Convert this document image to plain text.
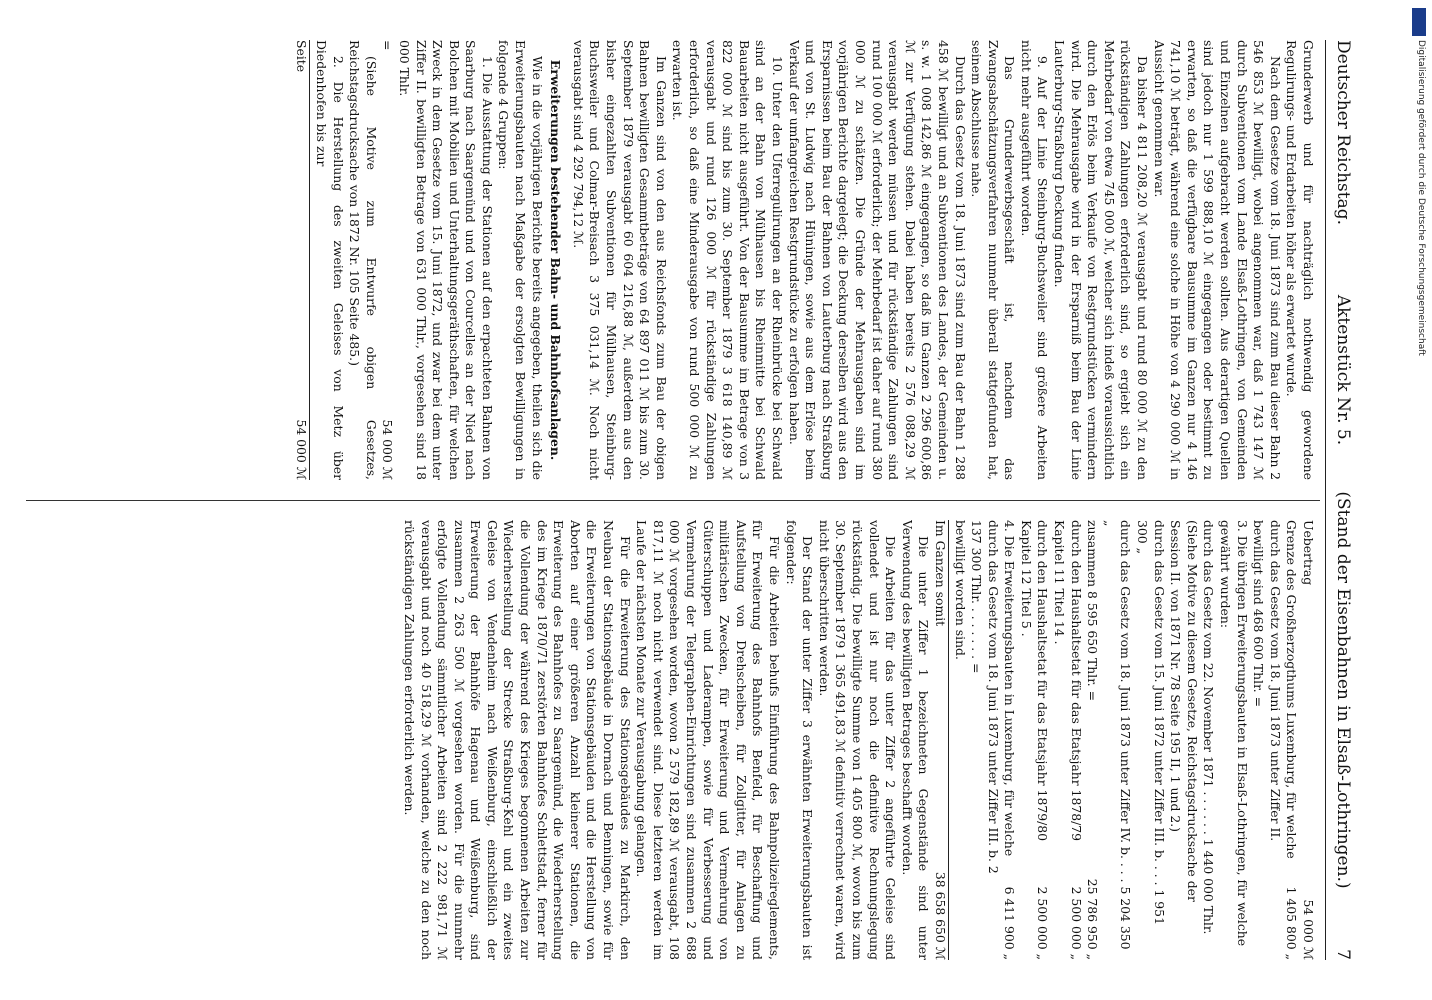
Deutscher Reichstag.
Aktenstück Nr. 5.
(Stand der Eisenbahnen in Elsaß-Lothringen.)
7

Grunderwerb und für nachträglich nothwendig gewordene Regulirungs- und Erdarbeiten höher als erwartet wurde.

Nach dem Gesetze vom 18. Juni 1873 sind zum Bau dieser Bahn 2 546 853 ℳ bewilligt, wobei angenommen war, daß 1 743 147 ℳ durch Subventionen vom Lande Elsaß-Lothringen, von Gemeinden und Einzelnen aufgebracht werden sollten. Aus derartigen Quellen sind jedoch nur 1 599 888,10 ℳ eingegangen oder bestimmt zu erwarten, so daß die verfügbare Bausumme im Ganzen nur 4 146 741,10 ℳ beträgt, während eine solche in Höhe von 4 290 000 ℳ in Aussicht genommen war.

Da bisher 4 811 208,20 ℳ verausgabt und rund 80 000 ℳ zu den rückständigen Zahlungen erforderlich sind, so ergiebt sich ein Mehrbedarf von etwa 745 000 ℳ, welcher sich indeß voraussichtlich durch den Erlös beim Verkaufe von Restgrundstücken vermindern wird. Die Mehrausgabe wird in der Ersparniß beim Bau der Linie Lauterburg-Straßburg Deckung finden.

9. Auf der Linie Steinburg-Buchsweiler sind größere Arbeiten nicht mehr ausgeführt worden.

Das Grunderwerbsgeschäft ist, nachdem das Zwangsabschätzungsverfahren nunmehr überall stattgefunden hat, seinem Abschlusse nahe.

Durch das Gesetz vom 18. Juni 1873 sind zum Bau der Bahn 1 288 458 ℳ bewilligt und an Subventionen des Landes, der Gemeinden u. s. w. 1 008 142,86 ℳ eingegangen, so daß im Ganzen 2 296 600,86 ℳ zur Verfügung stehen. Dabei haben bereits 2 576 088,29 ℳ verausgabt werden müssen und für rückständige Zahlungen sind rund 100 000 ℳ erforderlich; der Mehrbedarf ist daher auf rund 380 000 ℳ zu schätzen. Die Gründe der Mehrausgaben sind im vorjährigen Berichte dargelegt; die Deckung derselben wird aus den Ersparnissen beim Bau der Bahnen von Lauterburg nach Straßburg und von St. Ludwig nach Hüningen, sowie aus dem Erlöse beim Verkauf der umfangreichen Restgrundstücke zu erfolgen haben.

10. Unter den Uferregulirungen an der Rheinbrücke bei Schwald sind an der Bahn von Mülhausen bis Rheinmitte bei Schwald Bauarbeiten nicht ausgeführt. Von der Bausumme im Betrage von 3 822 000 ℳ sind bis zum 30. September 1879 3 618 140,89 ℳ verausgabt und rund 126 000 ℳ für rückständige Zahlungen erforderlich, so daß eine Minderausgabe von rund 500 000 ℳ zu erwarten ist.

Im Ganzen sind von den aus Reichsfonds zum Bau der obigen Bahnen bewilligten Gesammtbeträge von 64 897 011 ℳ bis zum 30. September 1879 verausgabt 60 604 216,88 ℳ, außerdem aus den bisher eingezahlten Subventionen für Mülhausen, Steinburg-Buchsweiler und Colmar-Breisach 3 375 031,14 ℳ. Noch nicht verausgabt sind 4 292 794,12 ℳ.

Erweiterungen bestehender Bahn- und Bahnhofsanlagen.

Wie in die vorjährigen Berichte bereits angegeben, theilen sich die Erweiterungsbauten nach Maßgabe der ersolgten Bewilligungen in folgende 4 Gruppen:

1. Die Ausstattung der Stationen auf den erpachteten Bahnen von Saarburg nach Saargemünd und von Courcelles an der Nied nach Bolchen mit Mobilien und Unterhaltungsgeräthschaften, für welchen Zweck in dem Gesetze vom 15. Juni 1872, und zwar bei dem unter Ziffer II. bewilligten Betrage von 631 000 Thlr., vorgesehen sind 18 000 Thlr.

=
54 000 ℳ

(Siehe Motive zum Entwurfe obigen Gesetzes, Reichstagsdrucksache von 1872 Nr. 105 Seite 485.)

2. Die Herstellung des zweiten Geleises von Metz über Diedenhofen bis zur

Seite
54 000 ℳ
Uebertrag
54 000 ℳ
Grenze des Großherzogthums Luxemburg, für welche durch das Gesetz vom 18. Juni 1873 unter Ziffer II. bewilligt sind 468 600 Thlr. =
1 405 800 „
3. Die übrigen Erweiterungsbauten in Elsaß-Lothringen, für welche gewährt wurden:
durch das Gesetz vom 22. November 1871 . . . . . . 1 440 000 Thlr.
(Siehe Motive zu diesem Gesetze, Reichstagsdrucksache der Session II. von 1871 Nr. 78 Seite 195 II, 1 und 2.)
durch das Gesetz vom 15. Juni 1872 unter Ziffer III. b. . . . 1 951 300 „
durch das Gesetz vom 18. Juni 1873 unter Ziffer IV. b. . . . 5 204 350 „
zusammen 8 595 650 Thlr. =
25 786 950 „
durch den Haushaltsetat für das Etatsjahr 1878/79 Kapitel 11 Titel 14 .
2 500 000 „
durch den Haushaltsetat für das Etatsjahr 1879/80 Kapitel 12 Titel 5 .
2 500 000 „
4. Die Erweiterungsbauten in Luxemburg, für welche durch das Gesetz vom 18. Juni 1873 unter Ziffer III. b. 2 137 300 Thlr. . . . . . . . =
6 411 900 „
bewilligt worden sind.
Im Ganzen somit
38 658 650 ℳ

Die unter Ziffer 1 bezeichneten Gegenstände sind unter Verwendung des bewilligten Betrages beschafft worden.

Die Arbeiten für das unter Ziffer 2 angeführte Geleise sind vollendet und ist nur noch die definitive Rechnungslegung rückständig. Die bewilligte Summe von 1 405 800 ℳ, wovon bis zum 30. September 1879 1 365 491,83 ℳ definitiv verrechnet waren, wird nicht überschritten werden.

Der Stand der unter Ziffer 3 erwähnten Erweiterungsbauten ist folgender:

Für die Arbeiten behufs Einführung des Bahnpolizeireglements, für Erweiterung des Bahnhofs Benfeld, für Beschaffung und Aufstellung von Drehscheiben, für Zollgitter, für Anlagen zu militärischen Zwecken, für Erweiterung und Vermehrung von Güterschuppen und Laderampen, sowie für Verbesserung und Vermehrung der Telegraphen-Einrichtungen sind zusammen 2 688 000 ℳ vorgesehen worden, wovon 2 579 182,89 ℳ verausgabt, 108 817,11 ℳ noch nicht verwendet sind. Diese letzteren werden im Laufe der nächsten Monate zur Verausgabung gelangen.

Für die Erweiterung des Stationsgebäudes zu Markirch, den Neubau der Stationsgebäude in Dornach und Benningen, sowie für die Erweiterungen von Stationsgebäuden und die Herstellung von Aborten auf einer größeren Anzahl kleinerer Stationen, die Erweiterung des Bahnhofes zu Saargemünd, die Wiederherstellung des im Kriege 1870/71 zerstörten Bahnhofes Schlettstadt, ferner für die Vollendung der während des Krieges begonnenen Arbeiten zur Wiederherstellung der Strecke Straßburg-Kehl und ein zweites Geleise von Vendenheim nach Weißenburg, einschließlich der Erweiterung der Bahnhöfe Hagenau und Weißenburg, sind zusammen 2 263 500 ℳ vorgesehen worden. Für die nunmehr erfolgte Vollendung sämmtlicher Arbeiten sind 2 222 981,71 ℳ verausgabt und noch 40 518,29 ℳ vorhanden, welche zu den noch rückständigen Zahlungen erforderlich werden.

Digitalisierung gefördert durch die Deutsche Forschungsgemeinschaft
